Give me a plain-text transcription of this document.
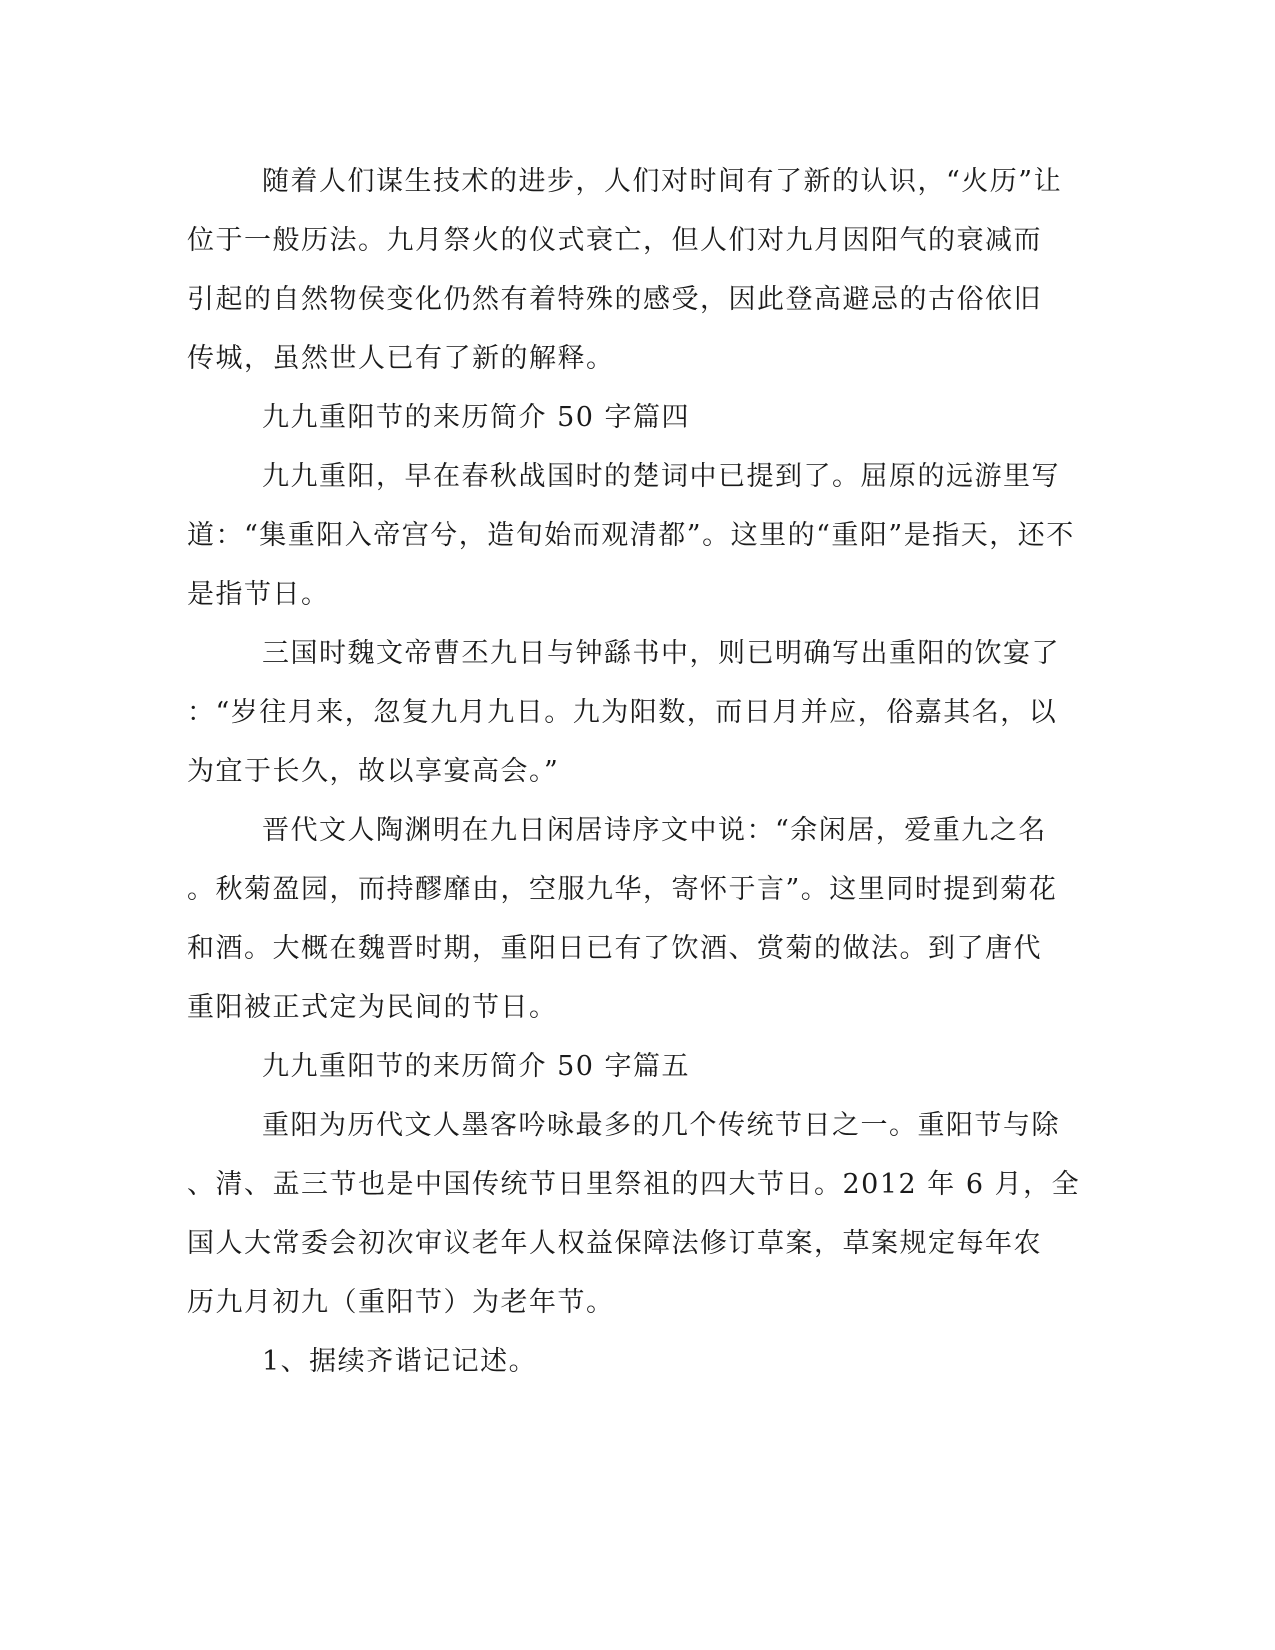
随着人们谋生技术的进步，人们对时间有了新的认识，“火历”让
位于一般历法。九月祭火的仪式衰亡，但人们对九月因阳气的衰减而
引起的自然物侯变化仍然有着特殊的感受，因此登高避忌的古俗依旧
传城，虽然世人已有了新的解释。
九九重阳节的来历简介 50 字篇四
九九重阳，早在春秋战国时的楚词中已提到了。屈原的远游里写
道：“集重阳入帝宫兮，造旬始而观清都”。这里的“重阳”是指天，还不
是指节日。
三国时魏文帝曹丕九日与钟繇书中，则已明确写出重阳的饮宴了
：“岁往月来，忽复九月九日。九为阳数，而日月并应，俗嘉其名，以
为宜于长久，故以享宴高会。”
晋代文人陶渊明在九日闲居诗序文中说：“余闲居，爱重九之名
。秋菊盈园，而持醪靡由，空服九华，寄怀于言”。这里同时提到菊花
和酒。大概在魏晋时期，重阳日已有了饮酒、赏菊的做法。到了唐代
重阳被正式定为民间的节日。
九九重阳节的来历简介 50 字篇五
重阳为历代文人墨客吟咏最多的几个传统节日之一。重阳节与除
、清、盂三节也是中国传统节日里祭祖的四大节日。2012 年 6 月，全
国人大常委会初次审议老年人权益保障法修订草案，草案规定每年农
历九月初九（重阳节）为老年节。
1、据续齐谐记记述。
